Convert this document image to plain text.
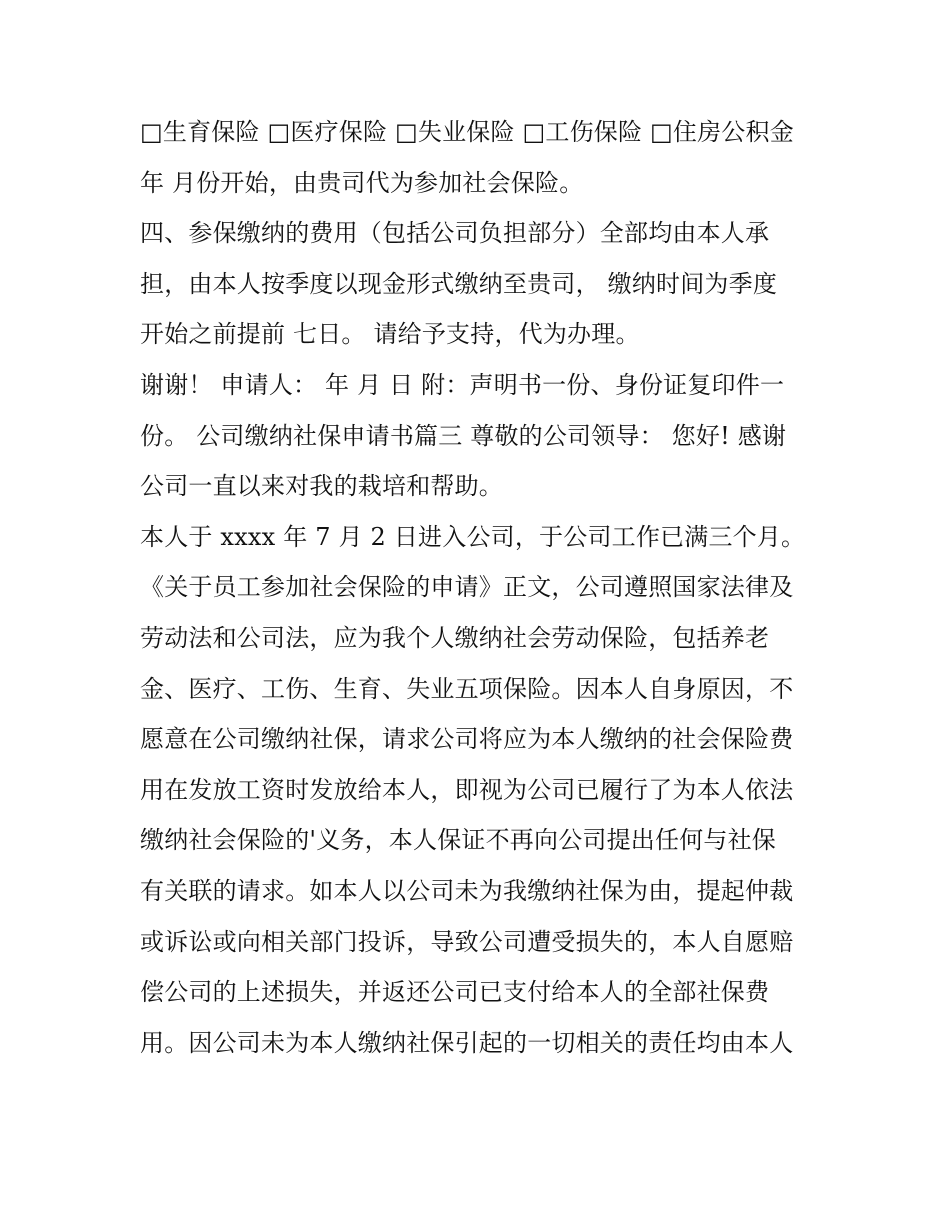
□生育保险 □医疗保险 □失业保险 □工伤保险 □住房公积金
年 月份开始，由贵司代为参加社会保险。
四、参保缴纳的费用（包括公司负担部分）全部均由本人承
担，由本人按季度以现金形式缴纳至贵司， 缴纳时间为季度
开始之前提前 七日。 请给予支持，代为办理。
谢谢！ 申请人： 年 月 日 附：声明书一份、身份证复印件一
份。 公司缴纳社保申请书篇三 尊敬的公司领导： 您好! 感谢
公司一直以来对我的栽培和帮助。
本人于 xxxx 年 7 月 2 日进入公司，于公司工作已满三个月。
《关于员工参加社会保险的申请》正文，公司遵照国家法律及
劳动法和公司法，应为我个人缴纳社会劳动保险，包括养老
金、医疗、工伤、生育、失业五项保险。因本人自身原因，不
愿意在公司缴纳社保，请求公司将应为本人缴纳的社会保险费
用在发放工资时发放给本人，即视为公司已履行了为本人依法
缴纳社会保险的'义务，本人保证不再向公司提出任何与社保
有关联的请求。如本人以公司未为我缴纳社保为由，提起仲裁
或诉讼或向相关部门投诉，导致公司遭受损失的，本人自愿赔
偿公司的上述损失，并返还公司已支付给本人的全部社保费
用。因公司未为本人缴纳社保引起的一切相关的责任均由本人
